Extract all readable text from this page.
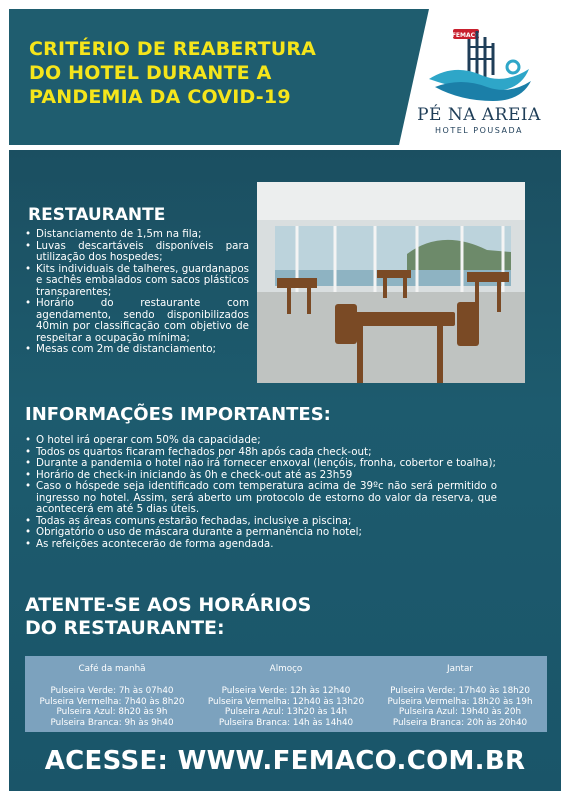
CRITÉRIO DE REABERTURA
DO HOTEL DURANTE A
PANDEMIA DA COVID-19
FEMACO
PÉ NA AREIA
HOTEL POUSADA
RESTAURANTE
• Distanciamento de 1,5m na fila;
• Luvas descartáveis disponíveis para utilização dos hospedes;
• Kits individuais de talheres, guardanapos e sachês embalados com sacos plásticos transparentes;
• Horário do restaurante com agendamento, sendo disponibilizados 40min por classificação com objetivo de respeitar a ocupação mínima;
• Mesas com 2m de distanciamento;
INFORMAÇÕES IMPORTANTES:
• O hotel irá operar com 50% da capacidade;
• Todos os quartos ficaram fechados por 48h após cada check-out;
• Durante a pandemia o hotel não irá fornecer enxoval (lençóis, fronha, cobertor e toalha);
• Horário de check-in iniciando às 0h e check-out até as 23h59
• Caso o hóspede seja identificado com temperatura acima de 39ºc não será permitido o ingresso no hotel. Assim, será aberto um protocolo de estorno do valor da reserva, que acontecerá em até 5 dias úteis.
• Todas as áreas comuns estarão fechadas, inclusive a piscina;
• Obrigatório o uso de máscara durante a permanência no hotel;
• As refeições acontecerão de forma agendada.
ATENTE-SE AOS HORÁRIOS
DO RESTAURANTE:
Café da manhã
Pulseira Verde: 7h às 07h40
Pulseira Vermelha: 7h40 às 8h20
Pulseira Azul: 8h20 às 9h
Pulseira Branca: 9h às 9h40
Almoço
Pulseira Verde: 12h às 12h40
Pulseira Vermelha: 12h40 às 13h20
Pulseira Azul: 13h20 às 14h
Pulseira Branca: 14h às 14h40
Jantar
Pulseira Verde: 17h40 às 18h20
Pulseira Vermelha: 18h20 às 19h
Pulseira Azul: 19h40 às 20h
Pulseira Branca: 20h às 20h40
ACESSE: WWW.FEMACO.COM.BR
